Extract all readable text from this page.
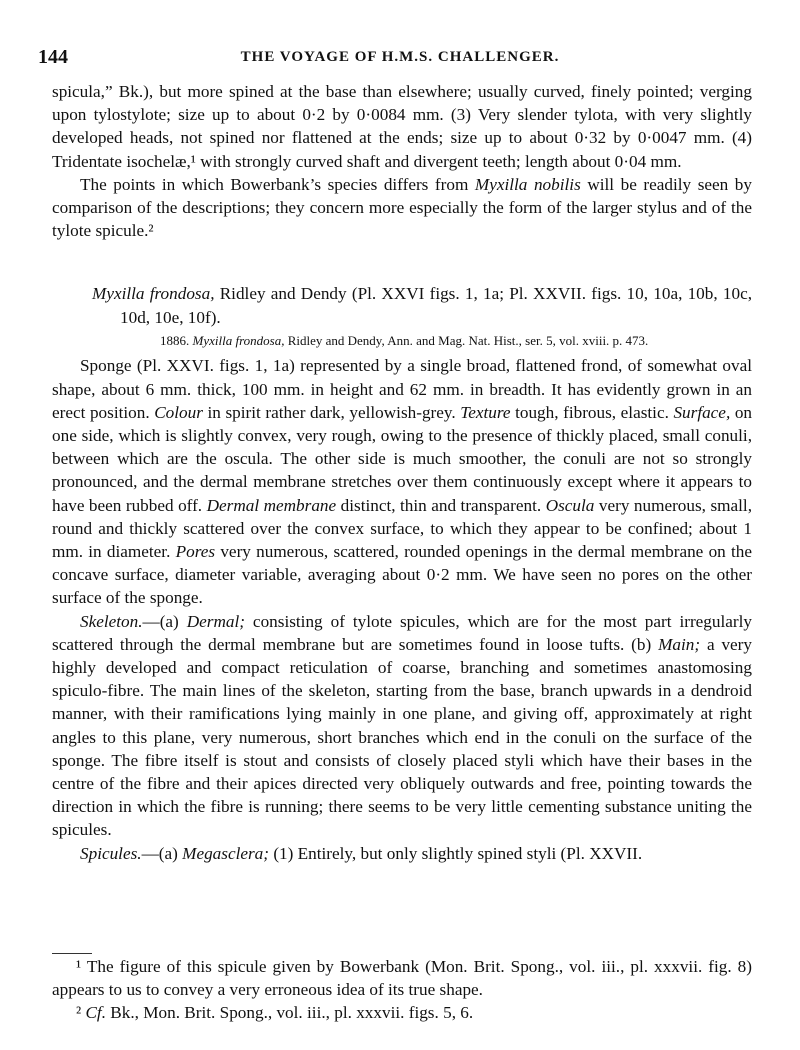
144	THE VOYAGE OF H.M.S. CHALLENGER.

spicula,” Bk.), but more spined at the base than elsewhere; usually curved, finely pointed; verging upon tylostylote; size up to about 0·2 by 0·0084 mm. (3) Very slender tylota, with very slightly developed heads, not spined nor flattened at the ends; size up to about 0·32 by 0·0047 mm. (4) Tridentate isochelæ,¹ with strongly curved shaft and divergent teeth; length about 0·04 mm.

The points in which Bowerbank’s species differs from Myxilla nobilis will be readily seen by comparison of the descriptions; they concern more especially the form of the larger stylus and of the tylote spicule.²

Myxilla frondosa, Ridley and Dendy (Pl. XXVI figs. 1, 1a; Pl. XXVII. figs. 10, 10a, 10b, 10c, 10d, 10e, 10f).

1886. Myxilla frondosa, Ridley and Dendy, Ann. and Mag. Nat. Hist., ser. 5, vol. xviii. p. 473.

Sponge (Pl. XXVI. figs. 1, 1a) represented by a single broad, flattened frond, of somewhat oval shape, about 6 mm. thick, 100 mm. in height and 62 mm. in breadth. It has evidently grown in an erect position. Colour in spirit rather dark, yellowish-grey. Texture tough, fibrous, elastic. Surface, on one side, which is slightly convex, very rough, owing to the presence of thickly placed, small conuli, between which are the oscula. The other side is much smoother, the conuli are not so strongly pronounced, and the dermal membrane stretches over them continuously except where it appears to have been rubbed off. Dermal membrane distinct, thin and transparent. Oscula very numerous, small, round and thickly scattered over the convex surface, to which they appear to be confined; about 1 mm. in diameter. Pores very numerous, scattered, rounded openings in the dermal membrane on the concave surface, diameter variable, averaging about 0·2 mm. We have seen no pores on the other surface of the sponge.

Skeleton.—(a) Dermal; consisting of tylote spicules, which are for the most part irregularly scattered through the dermal membrane but are sometimes found in loose tufts. (b) Main; a very highly developed and compact reticulation of coarse, branching and sometimes anastomosing spiculo-fibre. The main lines of the skeleton, starting from the base, branch upwards in a dendroid manner, with their ramifications lying mainly in one plane, and giving off, approximately at right angles to this plane, very numerous, short branches which end in the conuli on the surface of the sponge. The fibre itself is stout and consists of closely placed styli which have their bases in the centre of the fibre and their apices directed very obliquely outwards and free, pointing towards the direction in which the fibre is running; there seems to be very little cementing substance uniting the spicules.

Spicules.—(a) Megasclera; (1) Entirely, but only slightly spined styli (Pl. XXVII.

¹ The figure of this spicule given by Bowerbank (Mon. Brit. Spong., vol. iii., pl. xxxvii. fig. 8) appears to us to convey a very erroneous idea of its true shape.

² Cf. Bk., Mon. Brit. Spong., vol. iii., pl. xxxvii. figs. 5, 6.
